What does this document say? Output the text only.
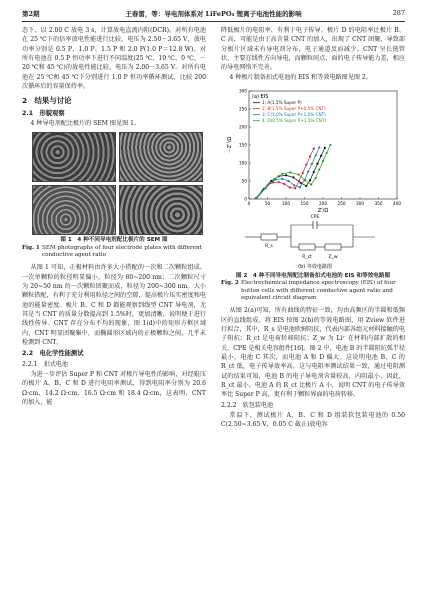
第2期	王春雷，等：导电剂体系对 LiFePO₄ 锂离子电池性能的影响	287

态下，以 2.00 C 放电 3 s，计算放电直流内阻(DCR)。对所有电池在 25 ℃下的倍率放电性能进行比较，电压为 2.50－3.65 V，放电功率分别是 0.5 P、1.0 P、1.5 P 和 2.0 P(1.0 P＝12.8 W)。对所有电池在 0.5 P 恒功率下进行不同温度(25 ℃、10 ℃、0 ℃、－20 ℃和 45 ℃)的放电性能比较，电压为 2.00－3.65 V。对所有电池在 25 ℃和 45 ℃下分别进行 1.0 P 恒功率循环测试，比较 200 次循环后的容量保持率。

2　结果与讨论
2.1　形貌观察

4 种导电剂配比极片的 SEM 图见图 1。

图 1　4 种不同导电剂配比极片的 SEM 图
Fig. 1 SEM photographs of four electrode plates with different conductive agent ratio

从图 1 可知，正极材料由许多大小搭配的一次和二次颗粒组成。一次单颗粒的粒径明显偏小，粒径为 80~200 nm；二次颗粒尺寸为 20~50 nm 的一次颗粒团聚而成，粒径为 200~300 nm。大小颗粒搭配，有利于充分利用粒径之间的空隙，提高极片压实密度和电池的能量密度。极片 B、C 和 D 都能观察到线型 CNT 导电剂，尤其是当 CNT 的质量分数提高到 1.5%时，更加清晰，说明便于进行线性传导。CNT 存在分布不均的现象，图 1(d)中的矩形方框区域内，CNT 明显团聚集中，而椭圆形区域内的正极颗粒之间，几乎未检测到 CNT。

2.2　电化学性能测试
2.2.1　扣式电池

为进一步评估 Super P 和 CNT 对极片导电性的影响，对经辊压的极片 A、B、C 和 D 进行电阻率测试，得到电阻率分别为 20.6 Ω·cm、14.2 Ω·cm、16.5 Ω·cm 和 18.4 Ω·cm，这表明，CNT 的加入，能

降低极片的电阻率，有利于电子传导。极片 D 的电阻率比极片 B、C 高，可能是由于高含量 CNT 的加入，出现了 CNT 团聚，导致部分极片区域未有导电剂分布，电子通道反而减少。CNT 呈长链管状，主要在线性方向导电，而颗粒间点、面的电子传导能力差，相应的导电网络不完善。

4 种极片制备扣式电池的 EIS 和等效电路图见图 2。

(a) EIS
0	50	100	150	200	250	300	350	400
0
50
100
150
200
250
300
Z'/Ω
－Z''/Ω
1: A(1.5% Super P)
2: B(1.5% Super P+0.5% CNT)
3: C(1.0% Super P+1.0% CNT)
4: D(0.5% Super P+1.5% CNT)
R_s
CPE
R_ct	Z_w
(b) 等效电路图
图 2　4 种不同导电剂配比制备扣式电池的 EIS 和等效电路图
Fig. 2 Electrochemical impedance spectroscopy (EIS) of four button cells with different conductive agent ratio and equivalent circuit diagram

从图 2(a)可知，所有曲线的特征一致，均由高频区的半圆和低频区的直线组成。将 EIS 按图 2(b)的等效电路图，用 Zview 软件进行拟合，其中，R_s 是电池欧姆阻抗，代表内部各组元材料接触的电子阻抗；R_ct 是电荷转移阻抗；Z_w 为 Li⁺ 在材料内部扩散的相关，CPE 是相关电容组件[16]。图 2 中，电池 B 的半圆阻抗弧半径最小，电池 C 其次，而电池 A 和 D 偏大。这说明电池 B、C 的 R_ct 低，电子传导效率高。这与电阻率测试结果一致，通过电阻测试的结果可知，电池 B 的电子导电剂含量较高，内阻最小，因此，R_ct 最小。电池 A 的 R_ct 比极片 A 小，说明 CNT 的电子传导效率比 Super P 高，更有利于颗粒界面的电荷转移。

2.2.2　软包装电池

常温下，测试极片 A、B、C 和 D 组装软包装电池的 0.50 C(2.50~3.65 V，0.05 C 截止)放电容
